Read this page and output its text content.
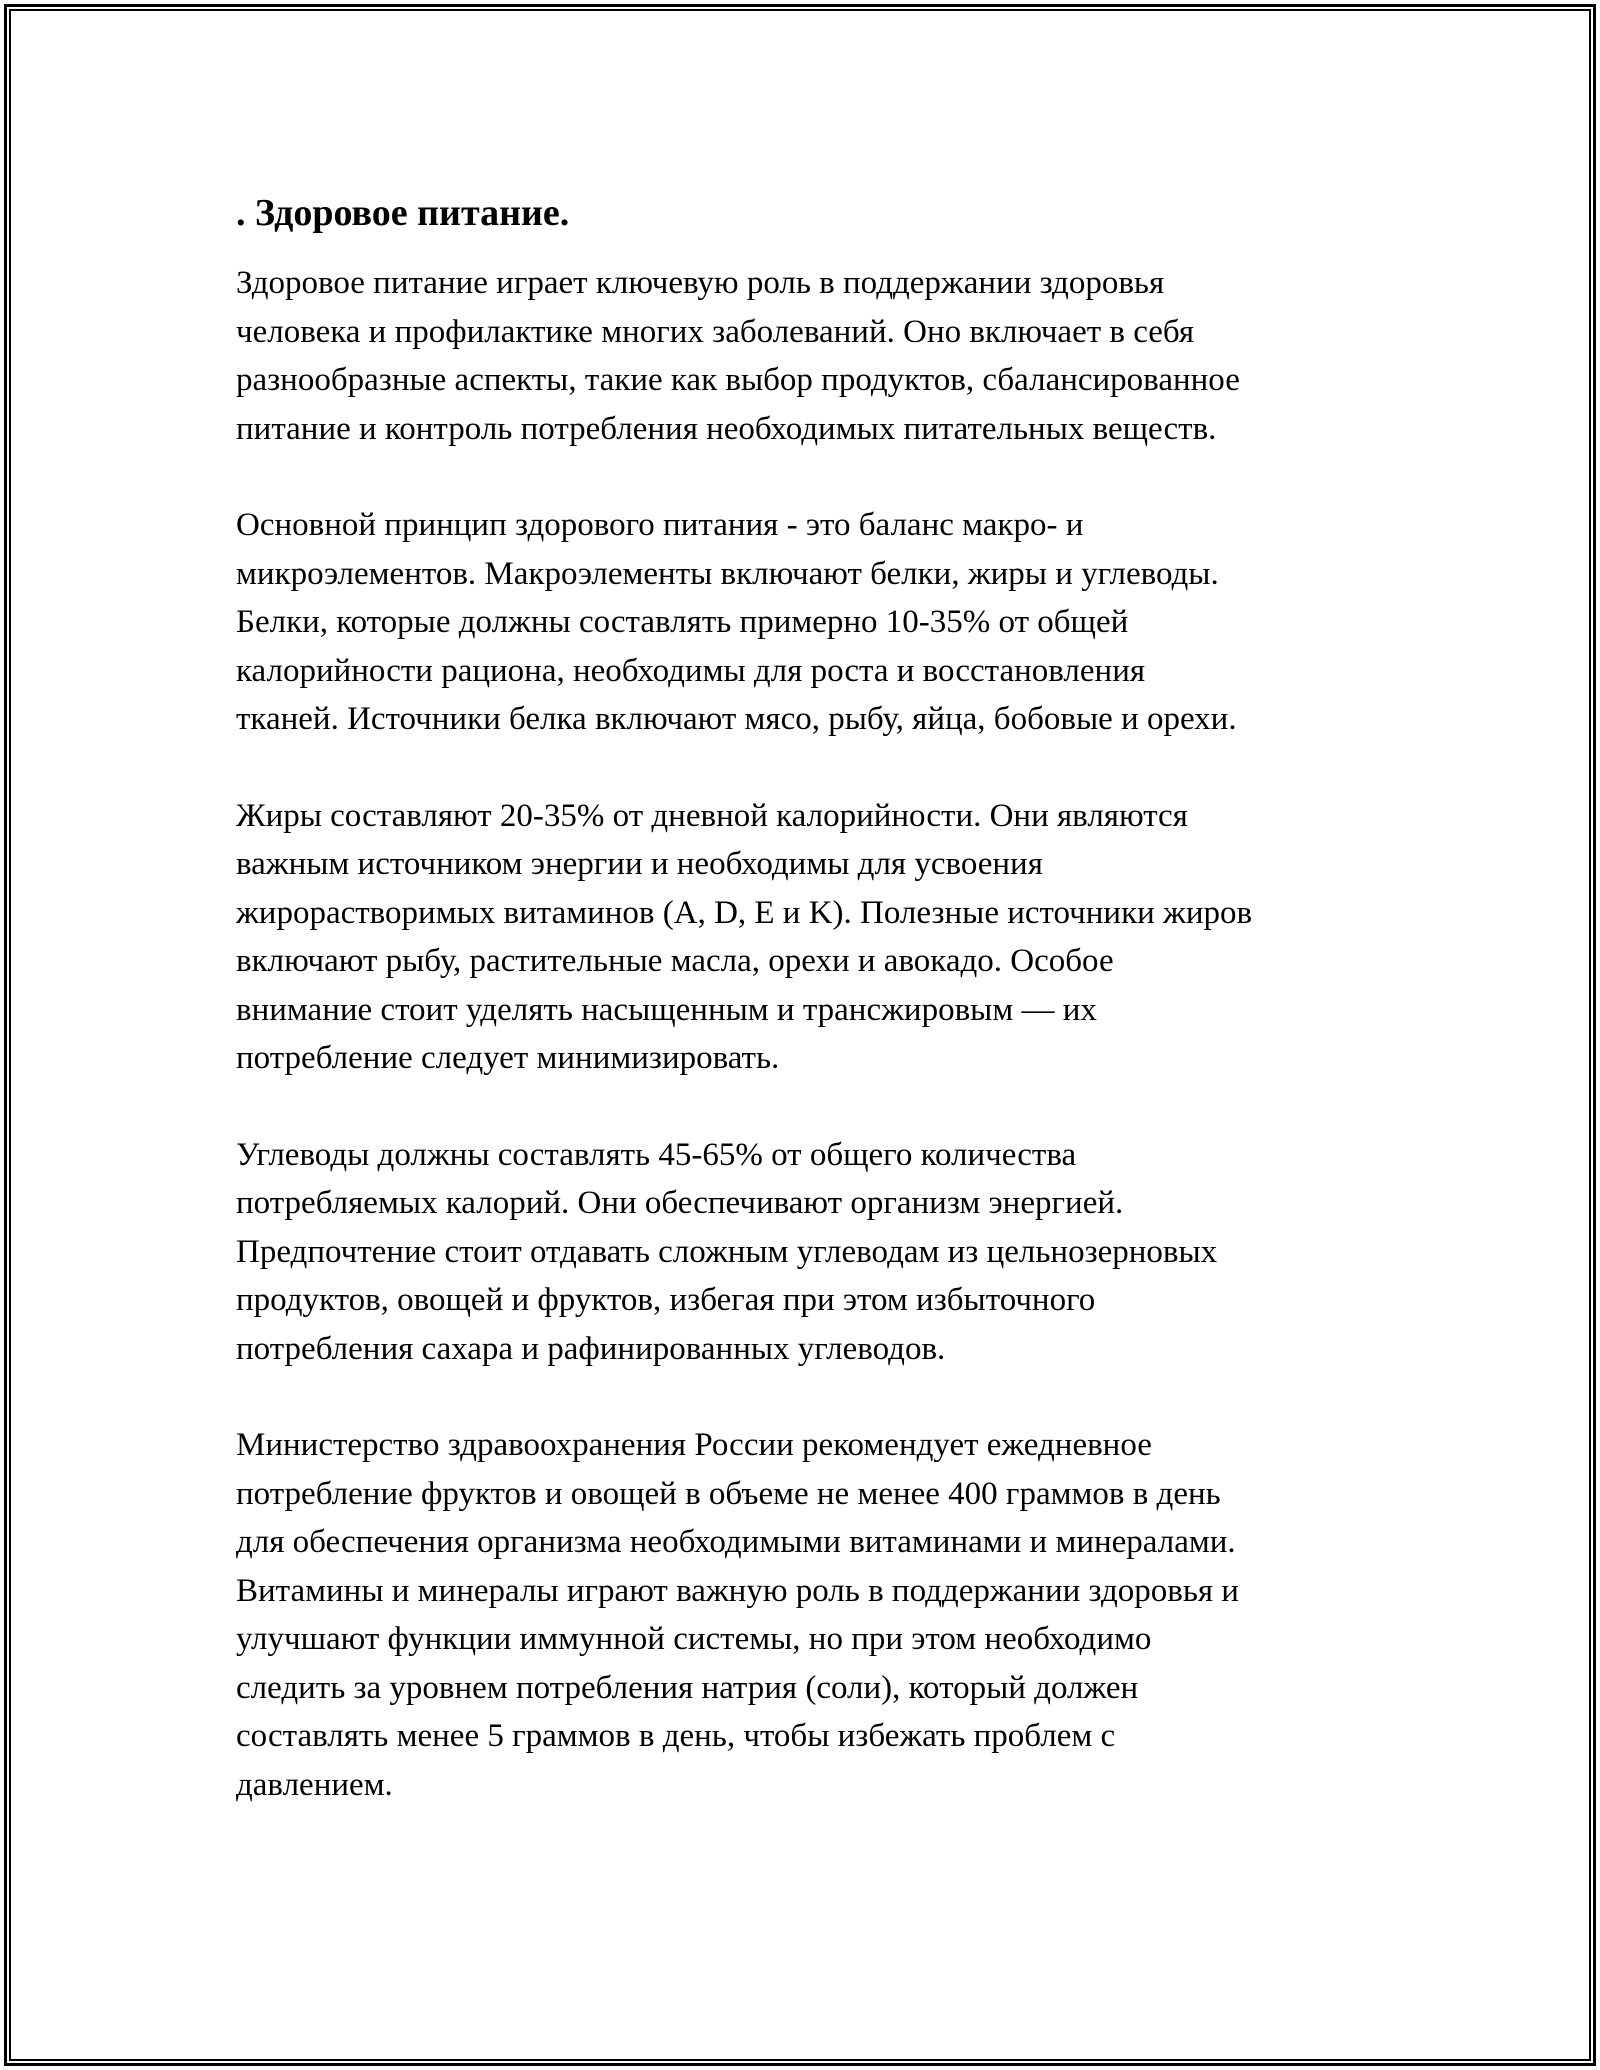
. Здоровое питание.

Здоровое питание играет ключевую роль в поддержании здоровья
человека и профилактике многих заболеваний. Оно включает в себя
разнообразные аспекты, такие как выбор продуктов, сбалансированное
питание и контроль потребления необходимых питательных веществ.

Основной принцип здорового питания - это баланс макро- и
микроэлементов. Макроэлементы включают белки, жиры и углеводы.
Белки, которые должны составлять примерно 10-35% от общей
калорийности рациона, необходимы для роста и восстановления
тканей. Источники белка включают мясо, рыбу, яйца, бобовые и орехи.

Жиры составляют 20-35% от дневной калорийности. Они являются
важным источником энергии и необходимы для усвоения
жирорастворимых витаминов (A, D, E и K). Полезные источники жиров
включают рыбу, растительные масла, орехи и авокадо. Особое
внимание стоит уделять насыщенным и трансжировым — их
потребление следует минимизировать.

Углеводы должны составлять 45-65% от общего количества
потребляемых калорий. Они обеспечивают организм энергией.
Предпочтение стоит отдавать сложным углеводам из цельнозерновых
продуктов, овощей и фруктов, избегая при этом избыточного
потребления сахара и рафинированных углеводов.

Министерство здравоохранения России рекомендует ежедневное
потребление фруктов и овощей в объеме не менее 400 граммов в день
для обеспечения организма необходимыми витаминами и минералами.
Витамины и минералы играют важную роль в поддержании здоровья и
улучшают функции иммунной системы, но при этом необходимо
следить за уровнем потребления натрия (соли), который должен
составлять менее 5 граммов в день, чтобы избежать проблем с
давлением.
